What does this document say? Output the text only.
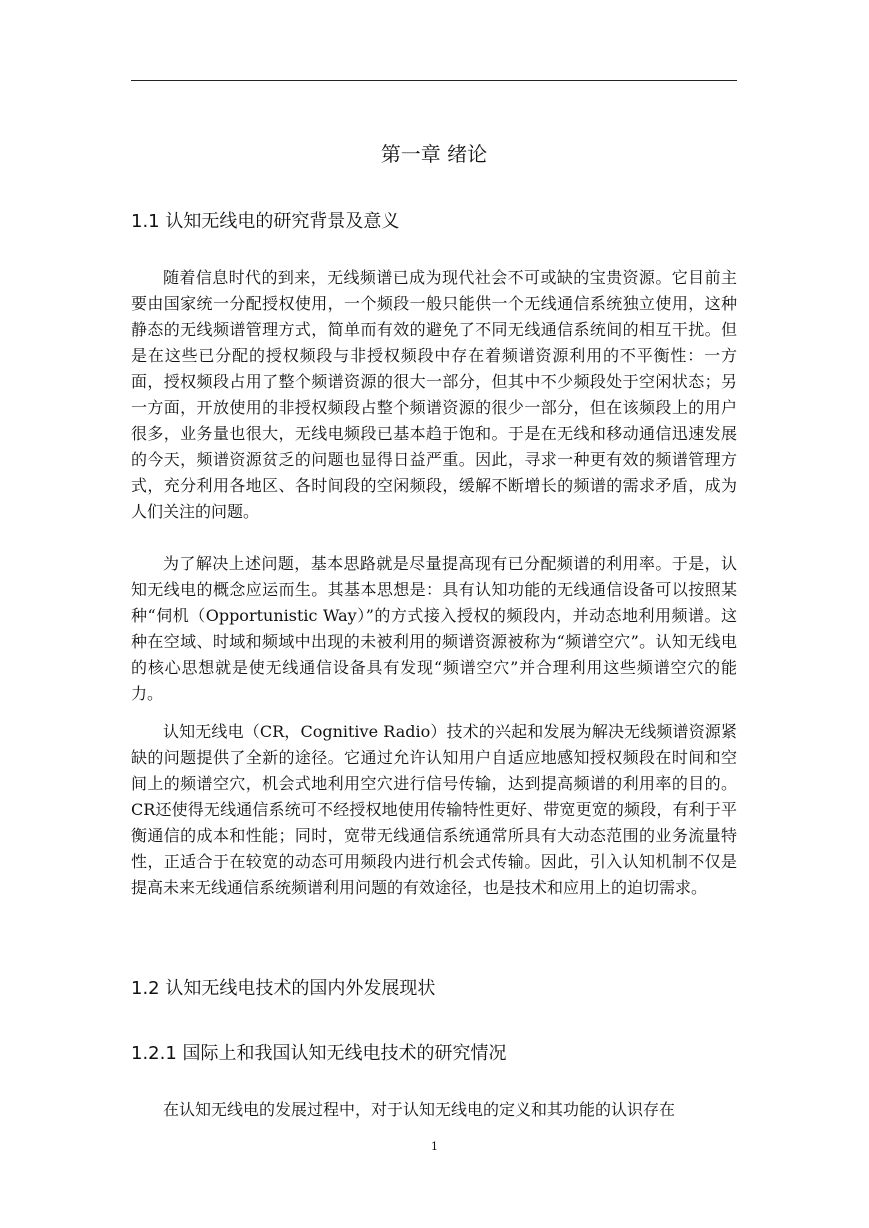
第一章 绪论
1.1 认知无线电的研究背景及意义

随着信息时代的到来，无线频谱已成为现代社会不可或缺的宝贵资源。它目前主要由国家统一分配授权使用，一个频段一般只能供一个无线通信系统独立使用，这种静态的无线频谱管理方式，简单而有效的避免了不同无线通信系统间的相互干扰。但是在这些已分配的授权频段与非授权频段中存在着频谱资源利用的不平衡性：一方面，授权频段占用了整个频谱资源的很大一部分，但其中不少频段处于空闲状态；另一方面，开放使用的非授权频段占整个频谱资源的很少一部分，但在该频段上的用户很多，业务量也很大，无线电频段已基本趋于饱和。于是在无线和移动通信迅速发展的今天，频谱资源贫乏的问题也显得日益严重。因此，寻求一种更有效的频谱管理方式，充分利用各地区、各时间段的空闲频段，缓解不断增长的频谱的需求矛盾，成为人们关注的问题。

为了解决上述问题，基本思路就是尽量提高现有已分配频谱的利用率。于是，认知无线电的概念应运而生。其基本思想是：具有认知功能的无线通信设备可以按照某种“伺机（Opportunistic Way）”的方式接入授权的频段内，并动态地利用频谱。这种在空域、时域和频域中出现的未被利用的频谱资源被称为“频谱空穴”。认知无线电的核心思想就是使无线通信设备具有发现“频谱空穴”并合理利用这些频谱空穴的能力。

认知无线电（CR，Cognitive Radio）技术的兴起和发展为解决无线频谱资源紧缺的问题提供了全新的途径。它通过允许认知用户自适应地感知授权频段在时间和空间上的频谱空穴，机会式地利用空穴进行信号传输，达到提高频谱的利用率的目的。CR还使得无线通信系统可不经授权地使用传输特性更好、带宽更宽的频段，有利于平衡通信的成本和性能；同时，宽带无线通信系统通常所具有大动态范围的业务流量特性，正适合于在较宽的动态可用频段内进行机会式传输。因此，引入认知机制不仅是提高未来无线通信系统频谱利用问题的有效途径，也是技术和应用上的迫切需求。

1.2 认知无线电技术的国内外发展现状
1.2.1 国际上和我国认知无线电技术的研究情况

在认知无线电的发展过程中，对于认知无线电的定义和其功能的认识存在

1
